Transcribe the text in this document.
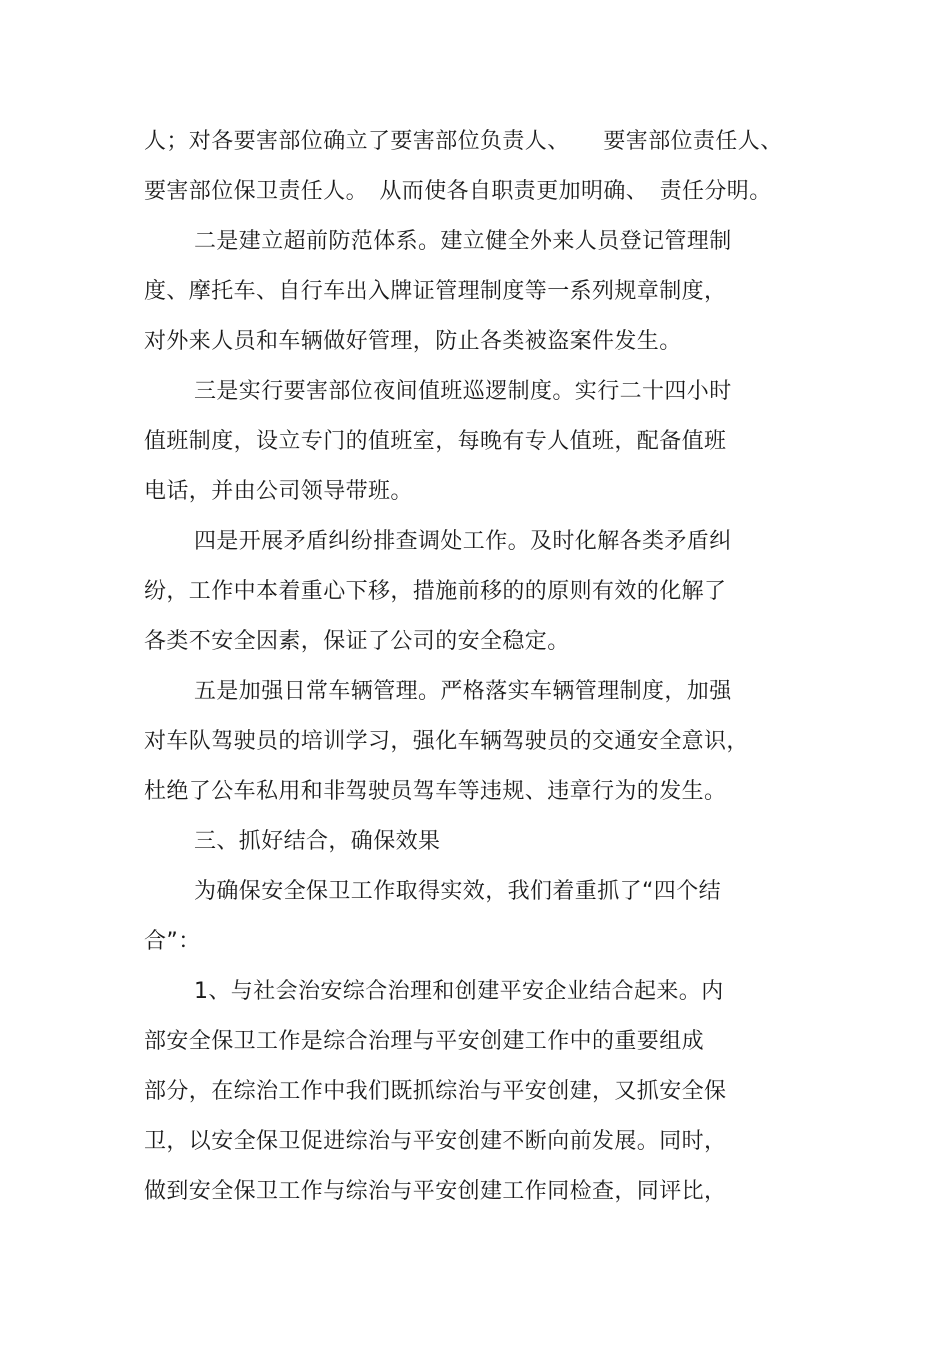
人；对各要害部位确立了要害部位负责人、　　要害部位责任人、
要害部位保卫责任人。　从而使各自职责更加明确、　责任分明。
二是建立超前防范体系。建立健全外来人员登记管理制
度、摩托车、自行车出入牌证管理制度等一系列规章制度，
对外来人员和车辆做好管理，防止各类被盗案件发生。
三是实行要害部位夜间值班巡逻制度。实行二十四小时
值班制度，设立专门的值班室，每晚有专人值班，配备值班
电话，并由公司领导带班。
四是开展矛盾纠纷排查调处工作。及时化解各类矛盾纠
纷，工作中本着重心下移，措施前移的的原则有效的化解了
各类不安全因素，保证了公司的安全稳定。
五是加强日常车辆管理。严格落实车辆管理制度，加强
对车队驾驶员的培训学习，强化车辆驾驶员的交通安全意识，
杜绝了公车私用和非驾驶员驾车等违规、违章行为的发生。
三、抓好结合，确保效果
为确保安全保卫工作取得实效，我们着重抓了“四个结
合”：
1、与社会治安综合治理和创建平安企业结合起来。内
部安全保卫工作是综合治理与平安创建工作中的重要组成
部分，在综治工作中我们既抓综治与平安创建，又抓安全保
卫，以安全保卫促进综治与平安创建不断向前发展。同时，
做到安全保卫工作与综治与平安创建工作同检查，同评比，
